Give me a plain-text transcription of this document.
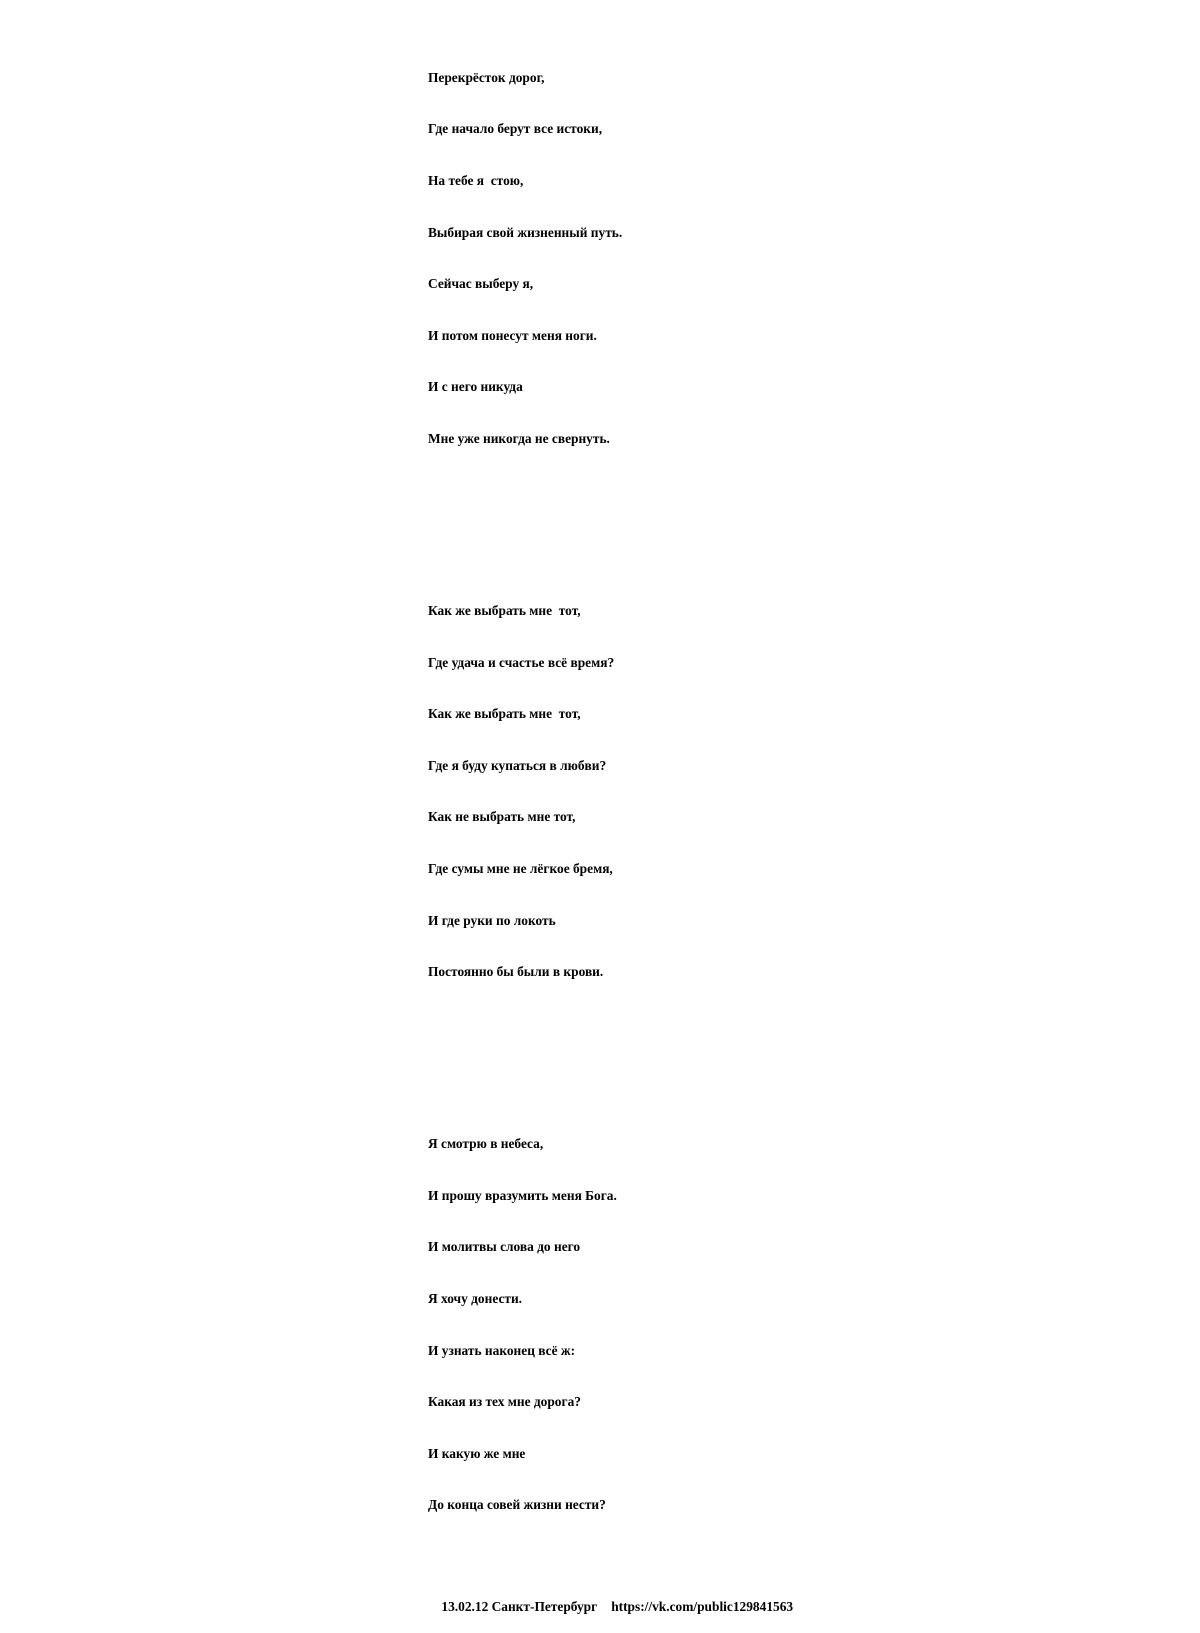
Перекрёсток дорог,

Где начало берут все истоки,

На тебе я  стою,

Выбирая свой жизненный путь.

Сейчас выберу я,

И потом понесут меня ноги.

И с него никуда

Мне уже никогда не свернуть.

Как же выбрать мне  тот,

Где удача и счастье всё время?

Как же выбрать мне  тот,

Где я буду купаться в любви?

Как не выбрать мне тот,

Где сумы мне не лёгкое бремя,

И где руки по локоть

Постоянно бы были в крови.

Я смотрю в небеса,

И прошу вразумить меня Бога.

И молитвы слова до него

Я хочу донести.

И узнать наконец всё ж:

Какая из тех мне дорога?

И какую же мне

До конца совей жизни нести?

13.02.12 Санкт-Петербург https://vk.com/public129841563
